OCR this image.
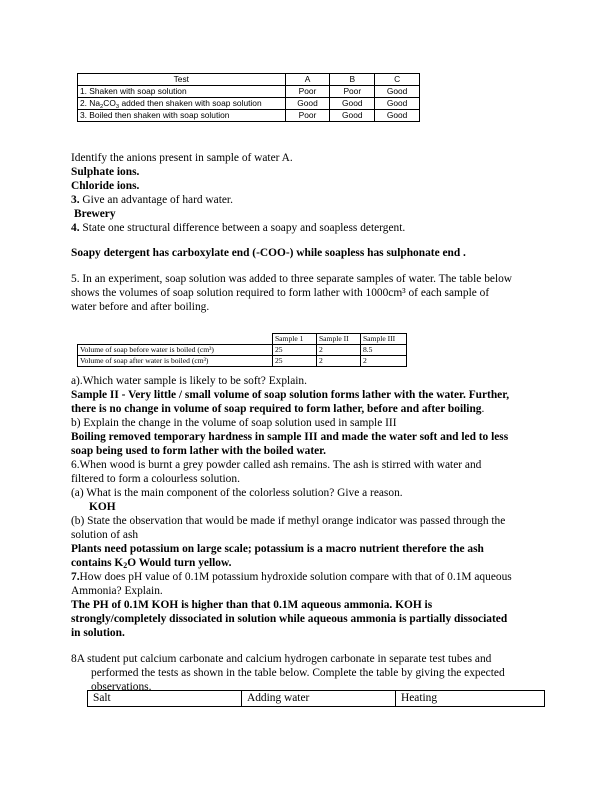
Test	A	B	C
1. Shaken with soap solution	Poor	Poor	Good
2. $Na_2CO_3$ added then shaken with soap solution	Good	Good	Good
3. Boiled then shaken with soap solution	Poor	Good	Good
Identify the anions present in sample of water A.
Sulphate ions.
Chloride ions.
3. Give an advantage of hard water.
Brewery
4. State one structural difference between a soapy and soapless detergent.
Soapy detergent has carboxylate end (-COO-) while soapless has sulphonate end .
5. In an experiment, soap solution was added to three separate samples of water. The table below
shows the volumes of soap solution required to form lather with 1000cm³ of each sample of
water before and after boiling.
	Sample 1	Sample II	Sample III
Volume of soap before water is boiled (cm³)	25	2	8.5
Volume of soap after water is boiled (cm³)	25	2	2
a).Which water sample is likely to be soft? Explain.
Sample II - Very little / small volume of soap solution forms lather with the water. Further,
there is no change in volume of soap required to form lather, before and after boiling.
b) Explain the change in the volume of soap solution used in sample III
Boiling removed temporary hardness in sample III and made the water soft and led to less
soap being used to form lather with the boiled water.
6.When wood is burnt a grey powder called ash remains. The ash is stirred with water and
filtered to form a colourless solution.
(a) What is the main component of the colorless solution? Give a reason.
KOH
(b) State the observation that would be made if methyl orange indicator was passed through the
solution of ash
Plants need potassium on large scale; potassium is a macro nutrient therefore the ash
contains $K_2O$ Would turn yellow.
7.How does pH value of 0.1M potassium hydroxide solution compare with that of 0.1M aqueous
Ammonia? Explain.
The PH of 0.1M KOH is higher than that 0.1M aqueous ammonia. KOH is
strongly/completely dissociated in solution while aqueous ammonia is partially dissociated
in solution.
8A student put calcium carbonate and calcium hydrogen carbonate in separate test tubes and
performed the tests as shown in the table below. Complete the table by giving the expected
observations.
Salt	Adding water	Heating
